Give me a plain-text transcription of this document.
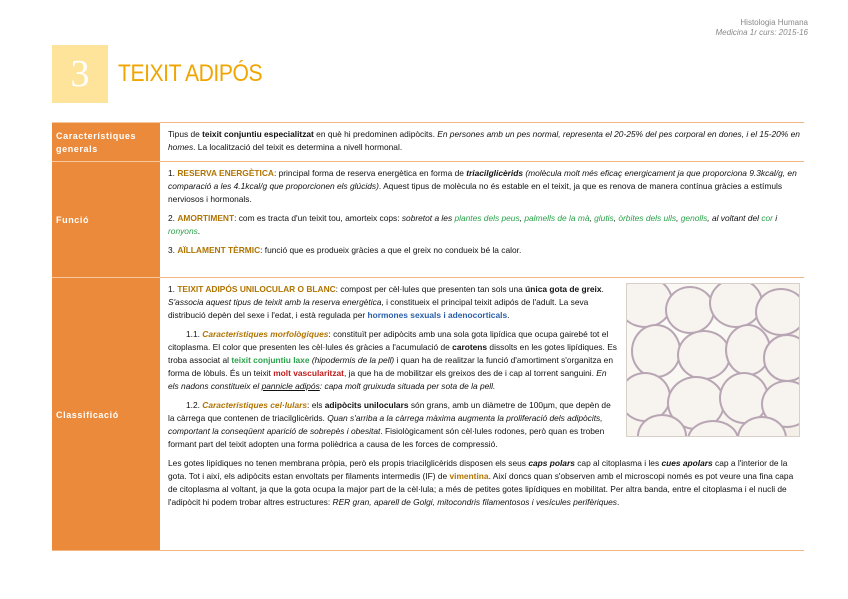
Histologia Humana
Medicina 1r curs: 2015-16
3	TEIXIT ADIPÓS
Característiques generals	Tipus de teixit conjuntiu especialitzat en què hi predominen adipòcits. En persones amb un pes normal, representa el 20-25% del pes corporal en dones, i el 15-20% en homes. La localització del teixit es determina a nivell hormonal.
Funció	1. RESERVA ENERGÈTICA: principal forma de reserva energètica en forma de triacilglicèrids (molècula molt més eficaç energicament ja que proporciona 9.3kcal/g, en comparació a les 4.1kcal/g que proporcionen els glúcids). Aquest tipus de molècula no és estable en el teixit, ja que es renova de manera contínua gràcies a estímuls nerviosos i hormonals.

2. AMORTIMENT: com es tracta d'un teixit tou, amorteix cops: sobretot a les plantes dels peus, palmells de la mà, glutis, òrbites dels ulls, genolls, al voltant del cor i ronyons.

3. AÏLLAMENT TÈRMIC: funció que es produeix gràcies a que el greix no condueix bé la calor.

Classificació	1. TEIXIT ADIPÓS UNILOCULAR O BLANC: compost per cèl·lules que presenten tan sols una única gota de greix. S'associa aquest tipus de teixit amb la reserva energètica, i constitueix el principal teixit adipós de l'adult. La seva distribució depèn del sexe i l'edat, i està regulada per hormones sexuals i adenocorticals.

1.1. Característiques morfològiques: constituït per adipòcits amb una sola gota lipídica que ocupa gairebé tot el citoplasma. El color que presenten les cèl·lules és gràcies a l'acumulació de carotens dissolts en les gotes lipídiques. Es troba associat al teixit conjuntiu laxe (hipodermis de la pell) i quan ha de realitzar la funció d'amortiment s'organitza en forma de lòbuls. És un teixit molt vascularitzat, ja que ha de mobilitzar els greixos des de i cap al torrent sanguini. En els nadons constitueix el pannicle adipós: capa molt gruixuda situada per sota de la pell.

1.2. Característiques cel·lulars: els adipòcits uniloculars són grans, amb un diàmetre de 100µm, que depèn de la càrrega que contenen de triacilglicèrids. Quan s'arriba a la càrrega màxima augmenta la proliferació dels adipòcits, comportant la conseqüent aparició de sobrepès i obesitat. Fisiològicament són cèl·lules rodones, però quan es troben formant part del teixit adopten una forma polièdrica a causa de les forces de compressió.

Les gotes lipídiques no tenen membrana pròpia, però els propis triacilglicèrids disposen els seus caps polars cap al citoplasma i les cues apolars cap a l'interior de la gota. Tot i així, els adipòcits estan envoltats per filaments intermedis (IF) de vimentina. Així doncs quan s'observen amb el microscopi només es pot veure una fina capa de citoplasma al voltant, ja que la gota ocupa la major part de la cèl·lula; a més de petites gotes lipídiques en mobilitat. Per altra banda, entre el citoplasma i el nucli de l'adipòcit hi podem trobar altres estructures: RER gran, aparell de Golgi, mitocondris filamentosos i vesícules perifèriques.
